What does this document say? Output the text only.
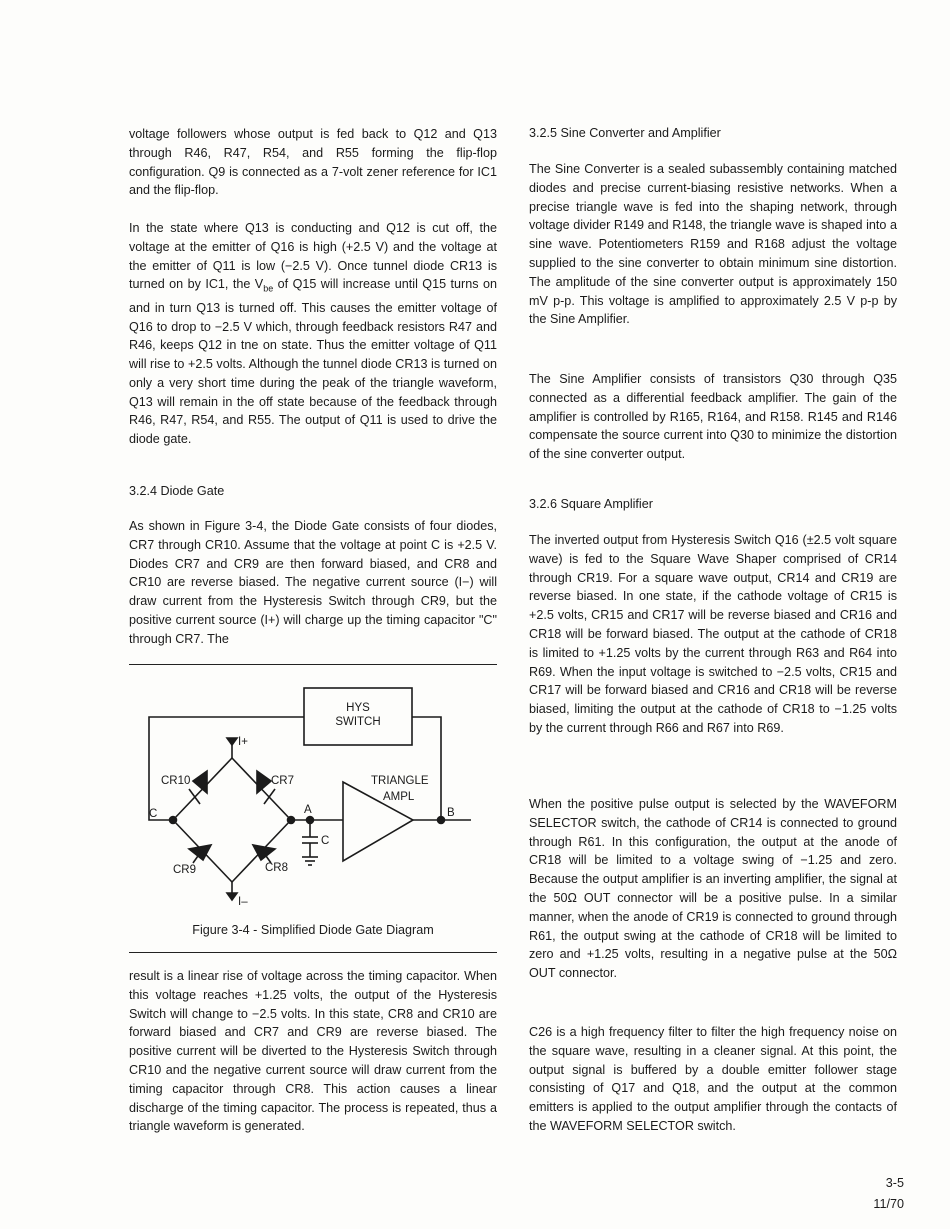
voltage followers whose output is fed back to Q12 and Q13 through R46, R47, R54, and R55 forming the flip-flop configuration. Q9 is connected as a 7-volt zener reference for IC1 and the flip-flop.

In the state where Q13 is conducting and Q12 is cut off, the voltage at the emitter of Q16 is high (+2.5 V) and the voltage at the emitter of Q11 is low (−2.5 V). Once tunnel diode CR13 is turned on by IC1, the $V_{be}$ of Q15 will increase until Q15 turns on and in turn Q13 is turned off. This causes the emitter voltage of Q16 to drop to −2.5 V which, through feedback resistors R47 and R46, keeps Q12 in tne on state. Thus the emitter voltage of Q11 will rise to +2.5 volts. Although the tunnel diode CR13 is turned on only a very short time during the peak of the triangle waveform, Q13 will remain in the off state because of the feedback through R46, R47, R54, and R55. The output of Q11 is used to drive the diode gate.

3.2.4 Diode Gate

As shown in Figure 3-4, the Diode Gate consists of four diodes, CR7 through CR10. Assume that the voltage at point C is +2.5 V. Diodes CR7 and CR9 are then forward biased, and CR8 and CR10 are reverse biased. The negative current source (I−) will draw current from the Hysteresis Switch through CR9, but the positive current source (I+) will charge up the timing capacitor "C" through CR7. The

result is a linear rise of voltage across the timing capacitor. When this voltage reaches +1.25 volts, the output of the Hysteresis Switch will change to −2.5 volts. In this state, CR8 and CR10 are forward biased and CR7 and CR9 are reverse biased. The positive current will be diverted to the Hysteresis Switch through CR10 and the negative current source will draw current from the timing capacitor through CR8. This action causes a linear discharge of the timing capacitor. The process is repeated, thus a triangle waveform is generated.

HYS
SWITCH
I+
I–
CR10	CR7
CR9	CR8
TRIANGLE
AMPL
A	B
C
C
Figure 3-4 - Simplified Diode Gate Diagram
3.2.5 Sine Converter and Amplifier

The Sine Converter is a sealed subassembly containing matched diodes and precise current-biasing resistive networks. When a precise triangle wave is fed into the shaping network, through voltage divider R149 and R148, the triangle wave is shaped into a sine wave. Potentiometers R159 and R168 adjust the voltage supplied to the sine converter to obtain minimum sine distortion. The amplitude of the sine converter output is approximately 150 mV p-p. This voltage is amplified to approximately 2.5 V p-p by the Sine Amplifier.

The Sine Amplifier consists of transistors Q30 through Q35 connected as a differential feedback amplifier. The gain of the amplifier is controlled by R165, R164, and R158. R145 and R146 compensate the source current into Q30 to minimize the distortion of the sine converter output.

3.2.6 Square Amplifier

The inverted output from Hysteresis Switch Q16 (±2.5 volt square wave) is fed to the Square Wave Shaper comprised of CR14 through CR19. For a square wave output, CR14 and CR19 are reverse biased. In one state, if the cathode voltage of CR15 is +2.5 volts, CR15 and CR17 will be reverse biased and CR16 and CR18 will be forward biased. The output at the cathode of CR18 is limited to +1.25 volts by the current through R63 and R64 into R69. When the input voltage is switched to −2.5 volts, CR15 and CR17 will be forward biased and CR16 and CR18 will be reverse biased, limiting the output at the cathode of CR18 to −1.25 volts by the current through R66 and R67 into R69.

When the positive pulse output is selected by the WAVEFORM SELECTOR switch, the cathode of CR14 is connected to ground through R61. In this configuration, the output at the anode of CR18 will be limited to a voltage swing of −1.25 and zero. Because the output amplifier is an inverting amplifier, the signal at the 50Ω OUT connector will be a positive pulse. In a similar manner, when the anode of CR19 is connected to ground through R61, the output swing at the cathode of CR18 will be limited to zero and +1.25 volts, resulting in a negative pulse at the 50Ω OUT connector.

C26 is a high frequency filter to filter the high frequency noise on the square wave, resulting in a cleaner signal. At this point, the output signal is buffered by a double emitter follower stage consisting of Q17 and Q18, and the output at the common emitters is applied to the output amplifier through the contacts of the WAVEFORM SELECTOR switch.

3-5
11/70
